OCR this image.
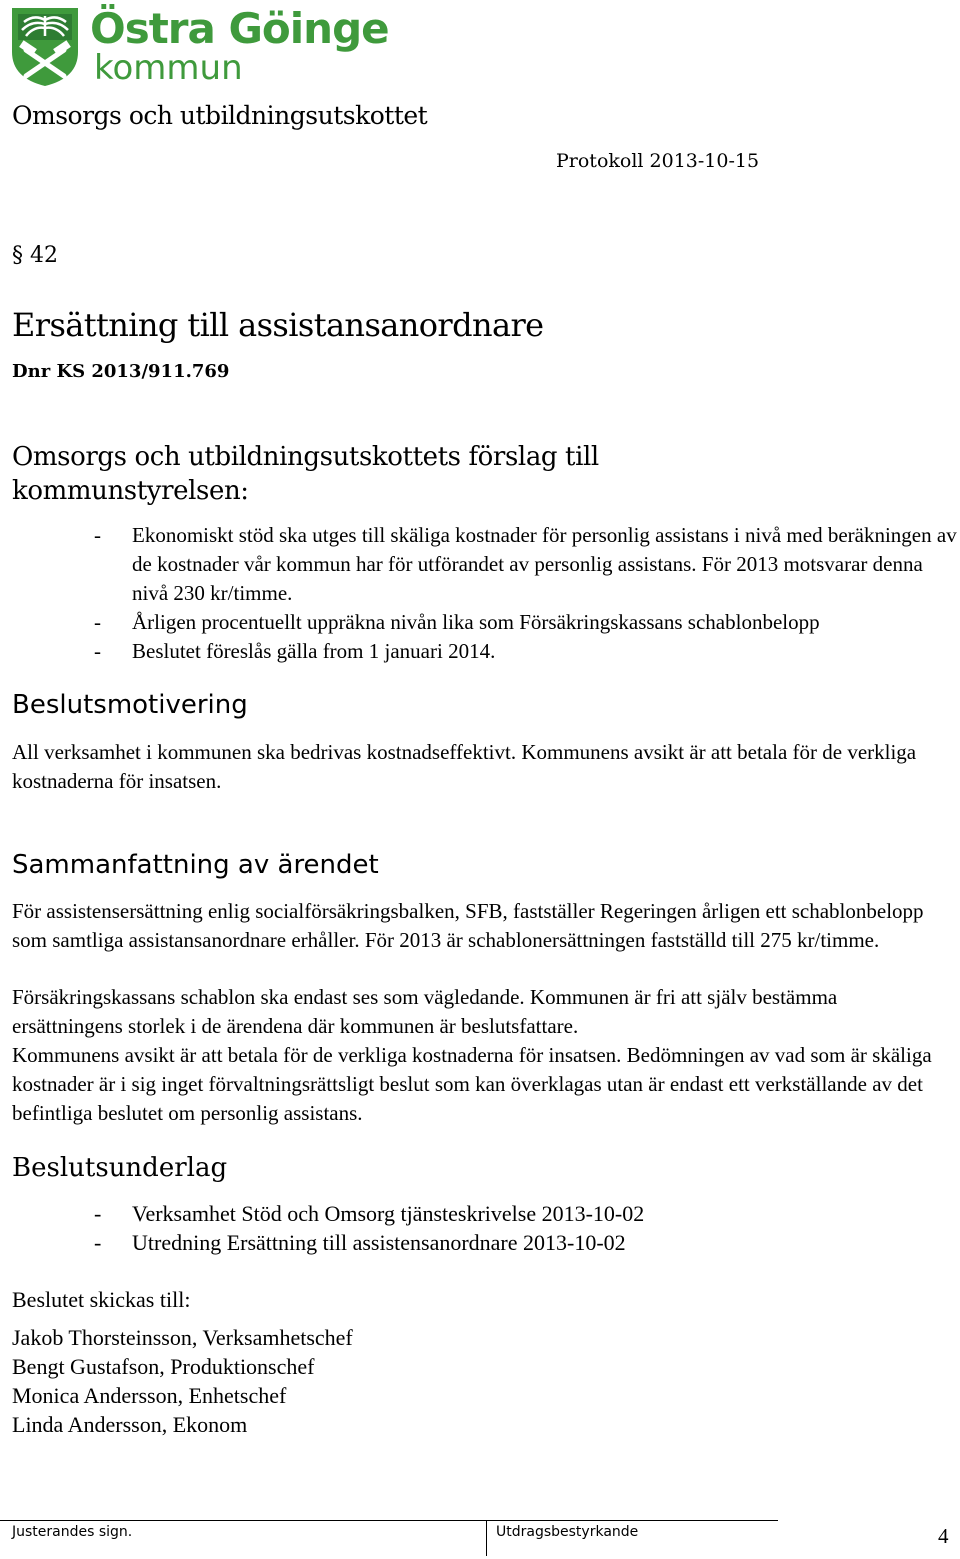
Östra Göinge
kommun
Omsorgs och utbildningsutskottet
Protokoll 2013-10-15
§ 42
Ersättning till assistansanordnare
Dnr KS 2013/911.769
Omsorgs och utbildningsutskottets förslag till kommunstyrelsen:
- Ekonomiskt stöd ska utges till skäliga kostnader för personlig assistans i nivå med beräkningen av de kostnader vår kommun har för utförandet av personlig assistans. För 2013 motsvarar denna nivå 230 kr/timme.
- Årligen procentuellt uppräkna nivån lika som Försäkringskassans schablonbelopp
- Beslutet föreslås gälla from 1 januari 2014.
Beslutsmotivering
All verksamhet i kommunen ska bedrivas kostnadseffektivt. Kommunens avsikt är att betala för de verkliga kostnaderna för insatsen.
Sammanfattning av ärendet
För assistensersättning enlig socialförsäkringsbalken, SFB, fastställer Regeringen årligen ett schablonbelopp som samtliga assistansanordnare erhåller. För 2013 är schablonersättningen fastställd till 275 kr/timme.
Försäkringskassans schablon ska endast ses som vägledande. Kommunen är fri att själv bestämma ersättningens storlek i de ärendena där kommunen är beslutsfattare.
Kommunens avsikt är att betala för de verkliga kostnaderna för insatsen. Bedömningen av vad som är skäliga kostnader är i sig inget förvaltningsrättsligt beslut som kan överklagas utan är endast ett verkställande av det befintliga beslutet om personlig assistans.
Beslutsunderlag
- Verksamhet Stöd och Omsorg tjänsteskrivelse 2013-10-02
- Utredning Ersättning till assistensanordnare 2013-10-02
Beslutet skickas till:
Jakob Thorsteinsson, Verksamhetschef
Bengt Gustafson, Produktionschef
Monica Andersson, Enhetschef
Linda Andersson, Ekonom
Justerandes sign.	Utdragsbestyrkande	4
